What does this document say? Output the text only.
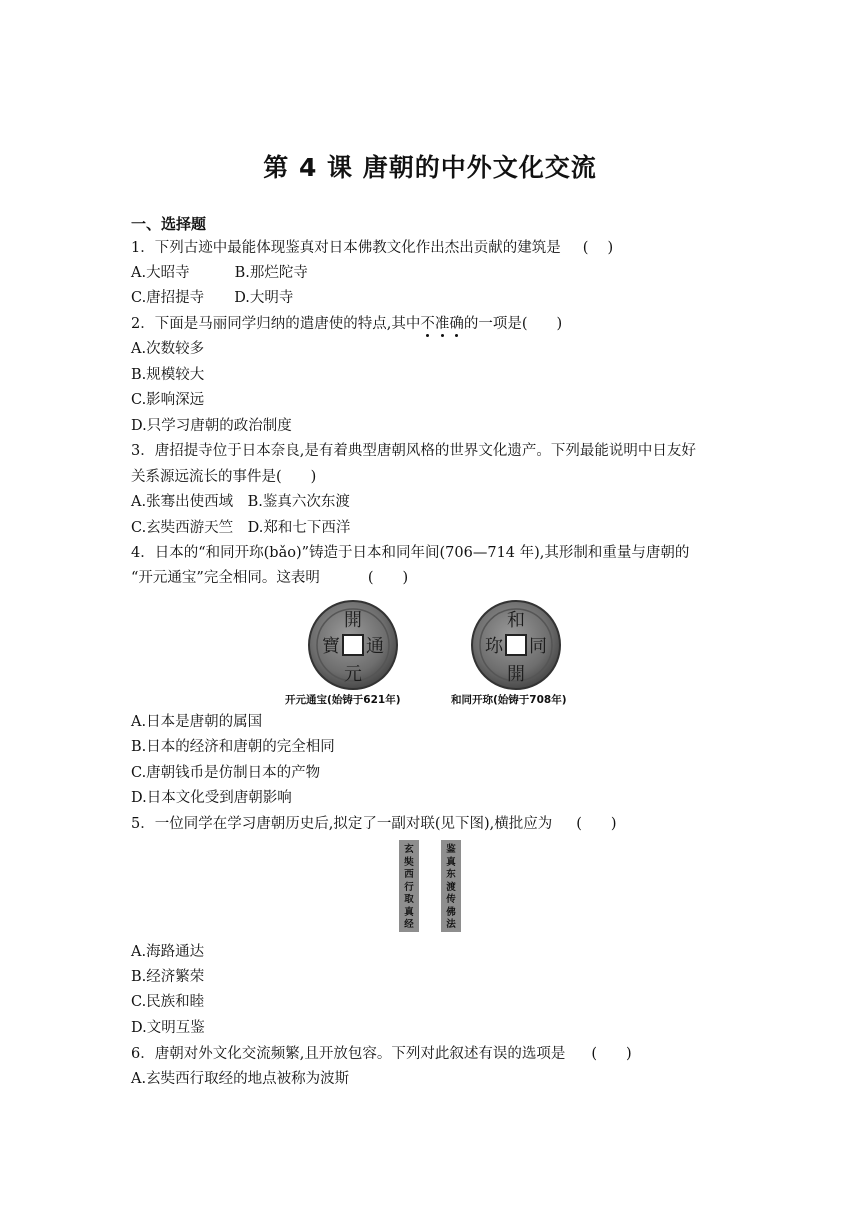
第 4 课 唐朝的中外文化交流
一、选择题
1．下列古迹中最能体现鉴真对日本佛教文化作出杰出贡献的建筑是 (　 )
A.大昭寺	B.那烂陀寺
C.唐招提寺 D.大明寺
2．下面是马丽同学归纳的遣唐使的特点,其中不准确的一项是(　　)
A.次数较多
B.规模较大
C.影响深远
D.只学习唐朝的政治制度
3．唐招提寺位于日本奈良,是有着典型唐朝风格的世界文化遗产。下列最能说明中日友好
关系源远流长的事件是(　　)
A.张骞出使西域　B.鉴真六次东渡
C.玄奘西游天竺　D.郑和七下西洋
4．日本的“和同开珎(bǎo)”铸造于日本和同年间(706—714 年),其形制和重量与唐朝的
“开元通宝”完全相同。这表明	(　　)
開
通
元
寶
和
同
開
珎
开元通宝(始铸于621年)	和同开珎(始铸于708年)
A.日本是唐朝的属国
B.日本的经济和唐朝的完全相同
C.唐朝钱币是仿制日本的产物
D.日本文化受到唐朝影响
5．一位同学在学习唐朝历史后,拟定了一副对联(见下图),横批应为 (　　)
玄
奘
西
行
取
真
经
鉴
真
东
渡
传
佛
法
A.海路通达
B.经济繁荣
C.民族和睦
D.文明互鉴
6．唐朝对外文化交流频繁,且开放包容。下列对此叙述有误的选项是 (　　)
A.玄奘西行取经的地点被称为波斯
